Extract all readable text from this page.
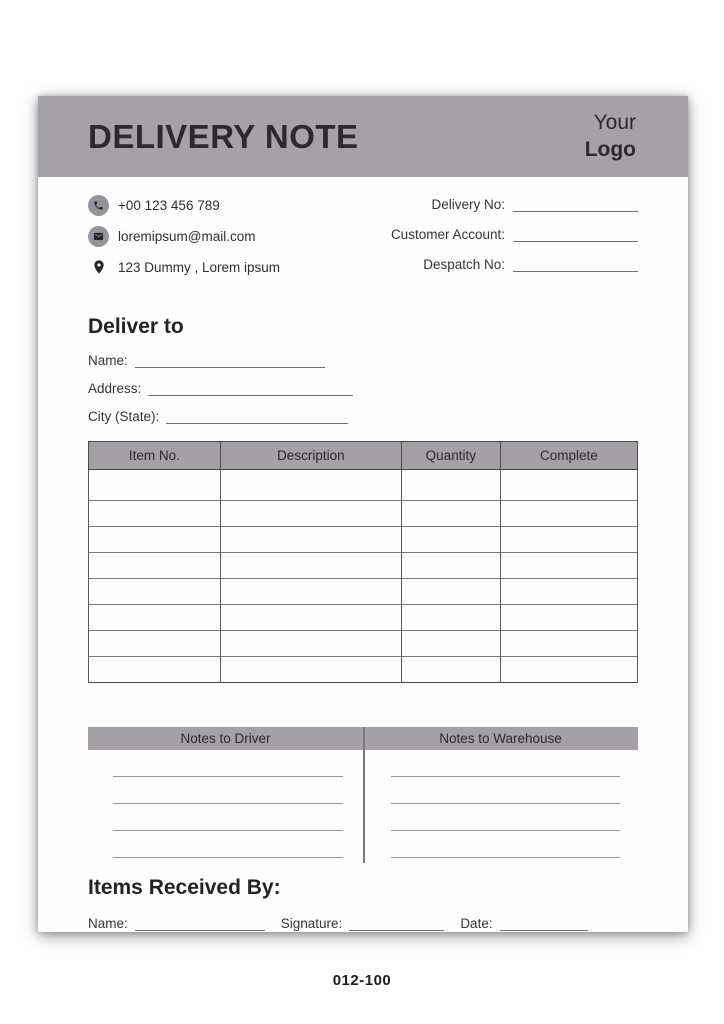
DELIVERY NOTE	Your
Logo
+00 123 456 789
loremipsum@mail.com
123 Dummy , Lorem ipsum
Delivery No:
Customer Account:
Despatch No:
Deliver to
Name:
Address:
City (State):
Item No.	Description	Quantity	Complete

Notes to Driver	Notes to Warehouse
Items Received By:
Name:	Signature:	Date:
012-100
